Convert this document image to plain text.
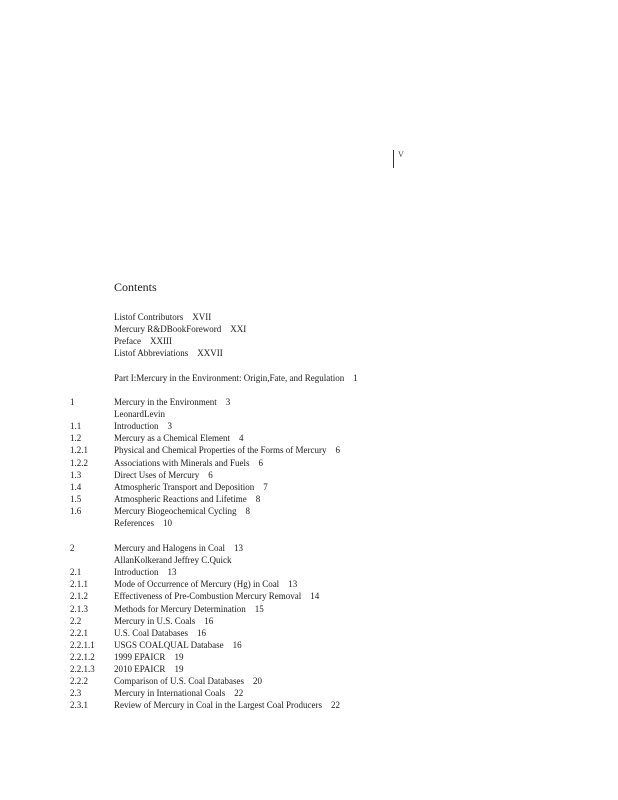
V
Contents
Listof Contributors XVII
Mercury R&DBookForeword XXI
Preface XXIII
Listof Abbreviations XXVII
Part I:Mercury in the Environment: Origin,Fate, and Regulation 1
1	Mercury in the Environment 3
LeonardLevin
1.1	Introduction 3
1.2	Mercury as a Chemical Element 4
1.2.1	Physical and Chemical Properties of the Forms of Mercury 6
1.2.2	Associations with Minerals and Fuels 6
1.3	Direct Uses of Mercury 6
1.4	Atmospheric Transport and Deposition 7
1.5	Atmospheric Reactions and Lifetime 8
1.6	Mercury Biogeochemical Cycling 8
References 10
2	Mercury and Halogens in Coal 13
AllanKolkerand Jeffrey C.Quick
2.1	Introduction 13
2.1.1	Mode of Occurrence of Mercury (Hg) in Coal 13
2.1.2	Effectiveness of Pre-Combustion Mercury Removal 14
2.1.3	Methods for Mercury Determination 15
2.2	Mercury in U.S. Coals 16
2.2.1	U.S. Coal Databases 16
2.2.1.1 USGS COALQUAL Database 16
2.2.1.2 1999 EPAICR 19
2.2.1.3 2010 EPAICR 19
2.2.2	Comparison of U.S. Coal Databases 20
2.3	Mercury in International Coals 22
2.3.1	Review of Mercury in Coal in the Largest Coal Producers 22
